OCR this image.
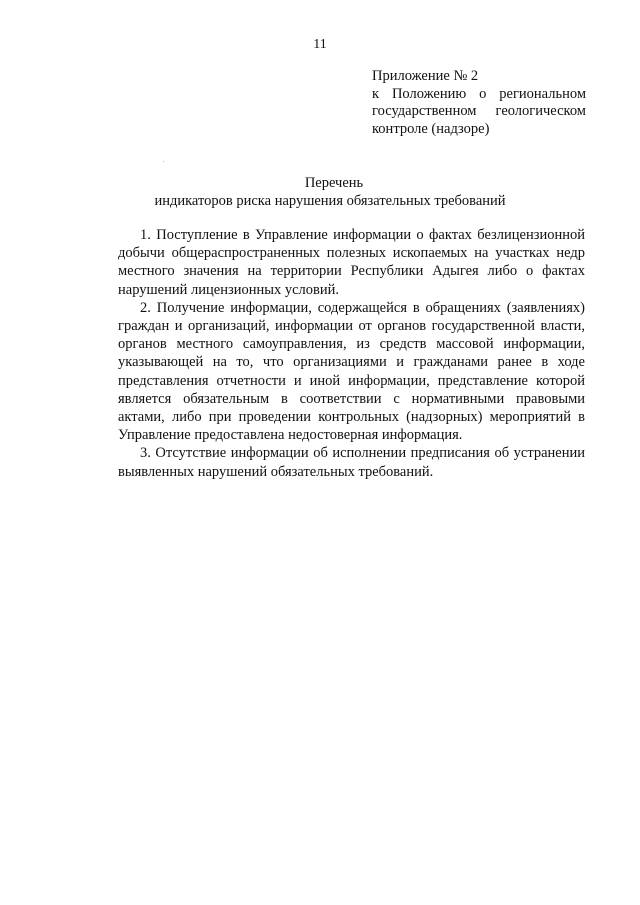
11
Приложение № 2
к Положению о региональном
государственном геологическом
контроле (надзоре)
Перечень
индикаторов риска нарушения обязательных требований

1. Поступление в Управление информации о фактах безлицензионной добычи общераспространенных полезных ископаемых на участках недр местного значения на территории Республики Адыгея либо о фактах нарушений лицензионных условий.

2. Получение информации, содержащейся в обращениях (заявлениях) граждан и организаций, информации от органов государственной власти, органов местного самоуправления, из средств массовой информации, указывающей на то, что организациями и гражданами ранее в ходе представления отчетности и иной информации, представление которой является обязательным в соответствии с нормативными правовыми актами, либо при проведении контрольных (надзорных) мероприятий в Управление предоставлена недостоверная информация.

3. Отсутствие информации об исполнении предписания об устранении выявленных нарушений обязательных требований.
